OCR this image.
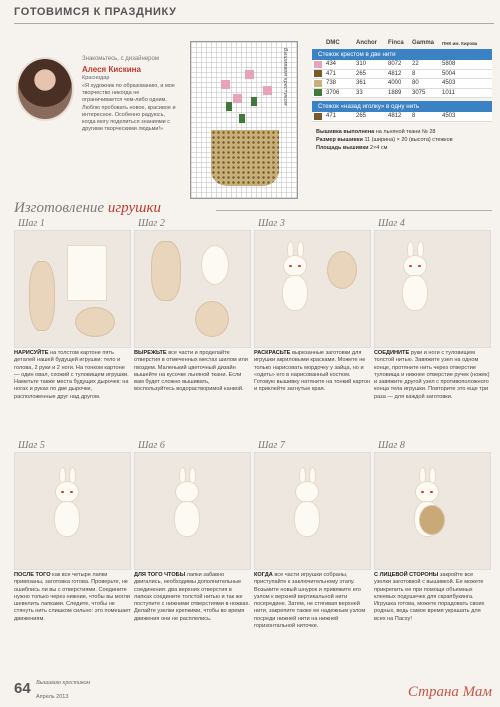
ГОТОВИМСЯ К ПРАЗДНИКУ
Знакомьтесь, с дизайнером
Алеся Кискина
Краснодар
«Я художник по образованию, и мое творчество никогда не ограничивается чем-либо одним. Люблю пробовать новое, красивое и интересное. Особенно радуюсь, когда могу поделиться знаниями с другими творческими людьми!»
Вышиваем крестиком
DMC	Anchor	Finca	Gamma	ПНК им. Кирова
Стежок крестом в две нити
434	310	8072	22	5808
471	265	4812	8	5004
738	361	4000	80	4503
3706	33	1889	3075	1011
Стежок «назад иголку» в одну нить
471	265	4812	8	4503
Вышивка выполнена на льняной ткани № 28
Размер вышивки 11 (ширина) × 20 (высота) стежков
Площадь вышивки 2×4 см
Изготовление игрушки
Шаг 1
НАРИСУЙТЕ на толстом картоне пять деталей нашей будущей игрушки: тело и голова, 2 руки и 2 ноги. На тонком картоне — один овал, схожий с туловищем игрушки. Наметьте также места будущих дырочек: на ногах и руках по две дырочки, расположенные друг над другом.
Шаг 2
ВЫРЕЖЬТЕ все части и проделайте отверстия в отмеченных местах шилом или гвоздем. Маленький цветочный дизайн вышейте на кусочке льняной ткани. Если вам будет сложно вышивать, воспользуйтесь водорастворимой канвой.
Шаг 3
РАСКРАСЬТЕ вырезанные заготовки для игрушки акриловыми красками. Можете не только нарисовать мордочку у зайца, но и «одеть» его в нарисованный костюм. Готовую вышивку натяните на тонкий картон и приклейте загнутые края.
Шаг 4
СОЕДИНИТЕ руки и ноги с туловищем толстой нитью. Завяжите узел на одном конце, протяните нить через отверстие туловища и нижнее отверстие ручек (ножек) и завяжите другой узел с противоположного конца тела игрушки. Повторите это еще три раза — для каждой заготовки.
Шаг 5
ПОСЛЕ ТОГО как все четыре лапки привязаны, заготовка готова. Проверьте, не ошиблись ли вы с отверстиями. Соедините нужно только через нижние, чтобы вы могли шевелить лапками. Следите, чтобы не стянуть нить слишком сильно: это помешает движениям.
Шаг 6
ДЛЯ ТОГО ЧТОБЫ лапки забавно двигались, необходимы дополнительные соединения: два верхних отверстия в лапках соедините толстой нитью и так же поступите с нижними отверстиями в ножках. Делайте узелки крепкими, чтобы во время движения они не расплелись.
Шаг 7
КОГДА все части игрушки собраны, приступайте к заключительному этапу. Возьмите новый шнурок и привяжите его узлом к верхней вертикальной нити посередине. Затем, не стягивая верхней нити, закрепите также ее надежным узлом посреди нижней нити на нижней горизонтальной ниточке.
Шаг 8
С ЛИЦЕВОЙ СТОРОНЫ закройте все узелки заготовкой с вышивкой. Ее можете прикрепить ее при помощи объемных клеевых подушечек для скрапбукинга. Игрушка готова, можете порадовать своих родных, ведь самое время украшать для всех на Пасху!
64 Вышиваю крестиком
Апрель 2013	Страна Мам
